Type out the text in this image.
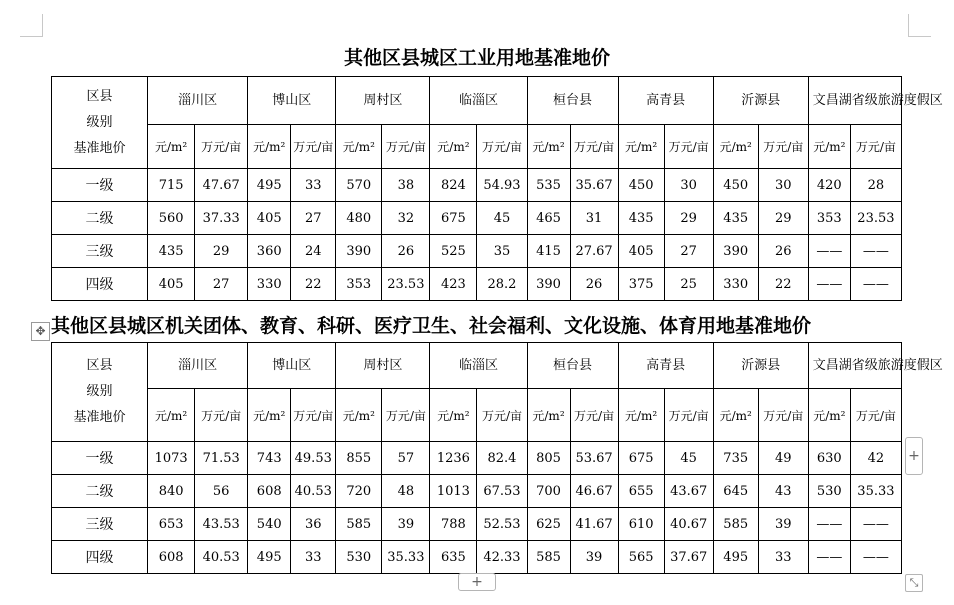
其他区县城区工业用地基准地价
区县
级别
基准地价	淄川区		博山区		周村区		临淄区		桓台县		高青县		沂源县		文昌湖省级旅游度假区	
	元/m²	万元/亩	元/m²	万元/亩	元/m²	万元/亩	元/m²	万元/亩	元/m²	万元/亩	元/m²	万元/亩	元/m²	万元/亩	元/m²	万元/亩
一级	715	47.67	495	33	570	38	824	54.93	535	35.67	450	30	450	30	420	28
二级	560	37.33	405	27	480	32	675	45	465	31	435	29	435	29	353	23.53
三级	435	29	360	24	390	26	525	35	415	27.67	405	27	390	26	——	——
四级	405	27	330	22	353	23.53	423	28.2	390	26	375	25	330	22	——	——
其他区县城区机关团体、教育、科研、医疗卫生、社会福利、文化设施、体育用地基准地价
区县
级别
基准地价	淄川区		博山区		周村区		临淄区		桓台县		高青县		沂源县		文昌湖省级旅游度假区	
	元/m²	万元/亩	元/m²	万元/亩	元/m²	万元/亩	元/m²	万元/亩	元/m²	万元/亩	元/m²	万元/亩	元/m²	万元/亩	元/m²	万元/亩
一级	1073	71.53	743	49.53	855	57	1236	82.4	805	53.67	675	45	735	49	630	42
二级	840	56	608	40.53	720	48	1013	67.53	700	46.67	655	43.67	645	43	530	35.33
三级	653	43.53	540	36	585	39	788	52.53	625	41.67	610	40.67	585	39	——	——
四级	608	40.53	495	33	530	35.33	635	42.33	585	39	565	37.67	495	33	——	——
✥
+
+	⤡
